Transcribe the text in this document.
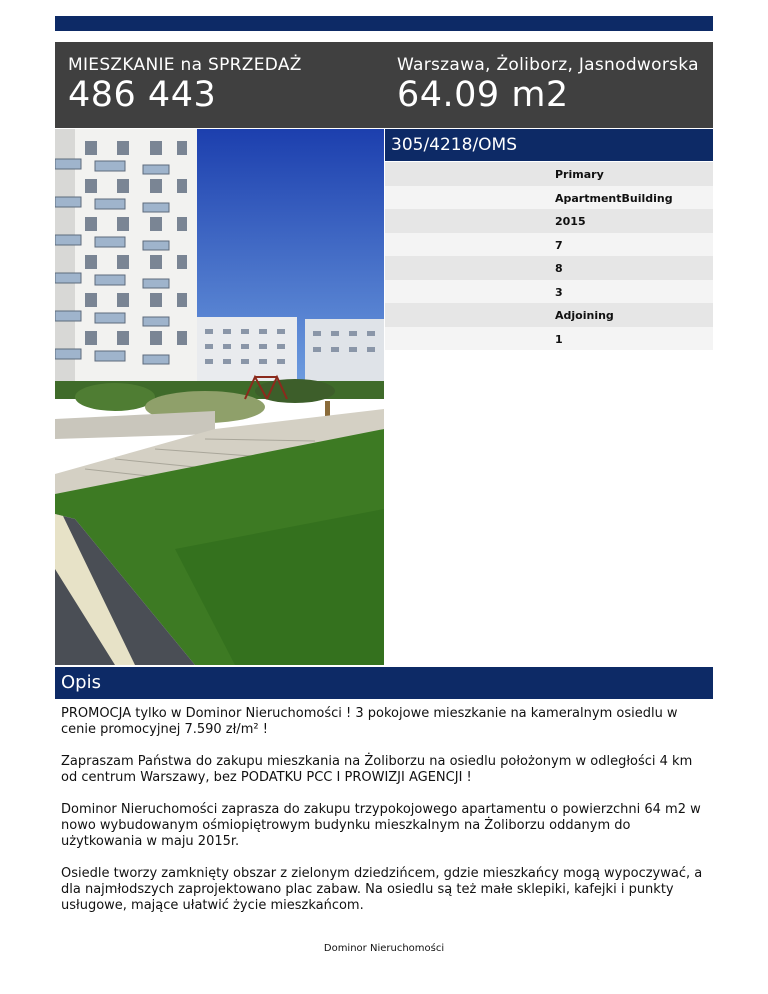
MIESZKANIE na SPRZEDAŻ
486 443
Warszawa, Żoliborz, Jasnodworska
64.09 m2
305/4218/OMS
Primary
ApartmentBuilding
2015
7
8
3
Adjoining
1
Opis

PROMOCJA tylko w Dominor Nieruchomości ! 3 pokojowe mieszkanie na kameralnym osiedlu w cenie promocyjnej 7.590 zł/m² !

Zapraszam Państwa do zakupu mieszkania na Żoliborzu na osiedlu położonym w odległości 4 km od centrum Warszawy, bez PODATKU PCC I PROWIZJI AGENCJI !

Dominor Nieruchomości zaprasza do zakupu trzypokojowego apartamentu o powierzchni 64 m2 w nowo wybudowanym ośmiopiętrowym budynku mieszkalnym na Żoliborzu oddanym do użytkowania w maju 2015r.

Osiedle tworzy zamknięty obszar z zielonym dziedzińcem, gdzie mieszkańcy mogą wypoczywać, a dla najmłodszych zaprojektowano plac zabaw. Na osiedlu są też małe sklepiki, kafejki i punkty usługowe, mające ułatwić życie mieszkańcom.

Dominor Nieruchomości
